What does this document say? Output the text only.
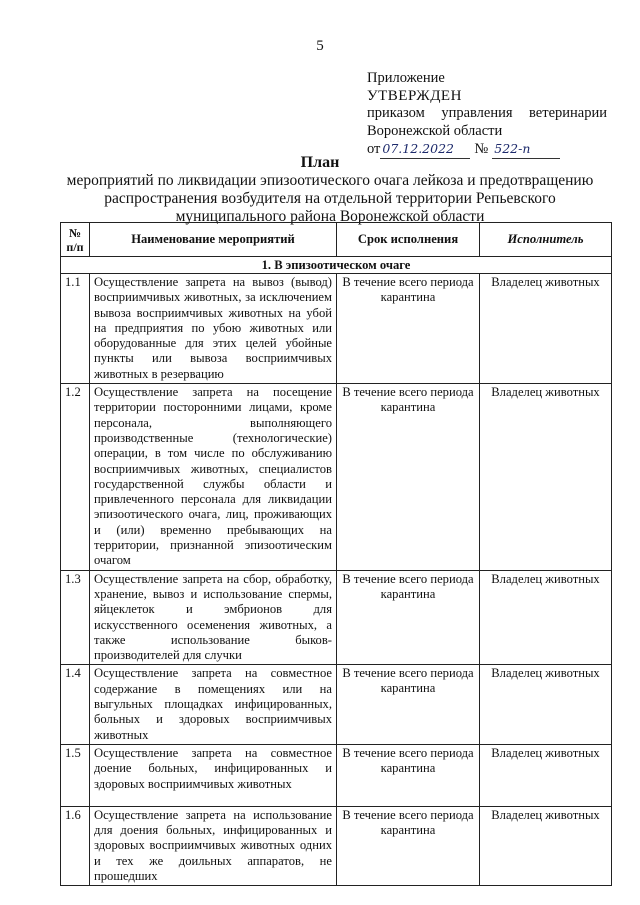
5
Приложение
УТВЕРЖДЕН
приказом управления ветеринарии
Воронежской области
от 07.12.2022	№ 522-п
План
мероприятий по ликвидации эпизоотического очага лейкоза и предотвращению распространения возбудителя на отдельной территории Репьевского муниципального района Воронежской области
№ п/п	Наименование мероприятий	Срок исполнения	Исполнитель
1. В эпизоотическом очаге			
1.1	Осуществление запрета на вывоз (вывод) восприимчивых животных, за исключением вывоза восприимчивых животных на убой на предприятия по убою животных или оборудованные для этих целей убойные пункты или вывоза восприимчивых животных в резервацию	В течение всего периода карантина	Владелец животных
1.2	Осуществление запрета на посещение территории посторонними лицами, кроме персонала, выполняющего производственные (технологические) операции, в том числе по обслуживанию восприимчивых животных, специалистов государственной службы области и привлеченного персонала для ликвидации эпизоотического очага, лиц, проживающих и (или) временно пребывающих на территории, признанной эпизоотическим очагом	В течение всего периода карантина	Владелец животных
1.3	Осуществление запрета на сбор, обработку, хранение, вывоз и использование спермы, яйцеклеток и эмбрионов для искусственного осеменения животных, а также использование быков-производителей для случки	В течение всего периода карантина	Владелец животных
1.4	Осуществление запрета на совместное содержание в помещениях или на выгульных площадках инфицированных, больных и здоровых восприимчивых животных	В течение всего периода карантина	Владелец животных
1.5	Осуществление запрета на совместное доение больных, инфицированных и здоровых восприимчивых животных	В течение всего периода карантина	Владелец животных
1.6	Осуществление запрета на использование для доения больных, инфицированных и здоровых восприимчивых животных одних и тех же доильных аппаратов, не прошедших	В течение всего периода карантина	Владелец животных
